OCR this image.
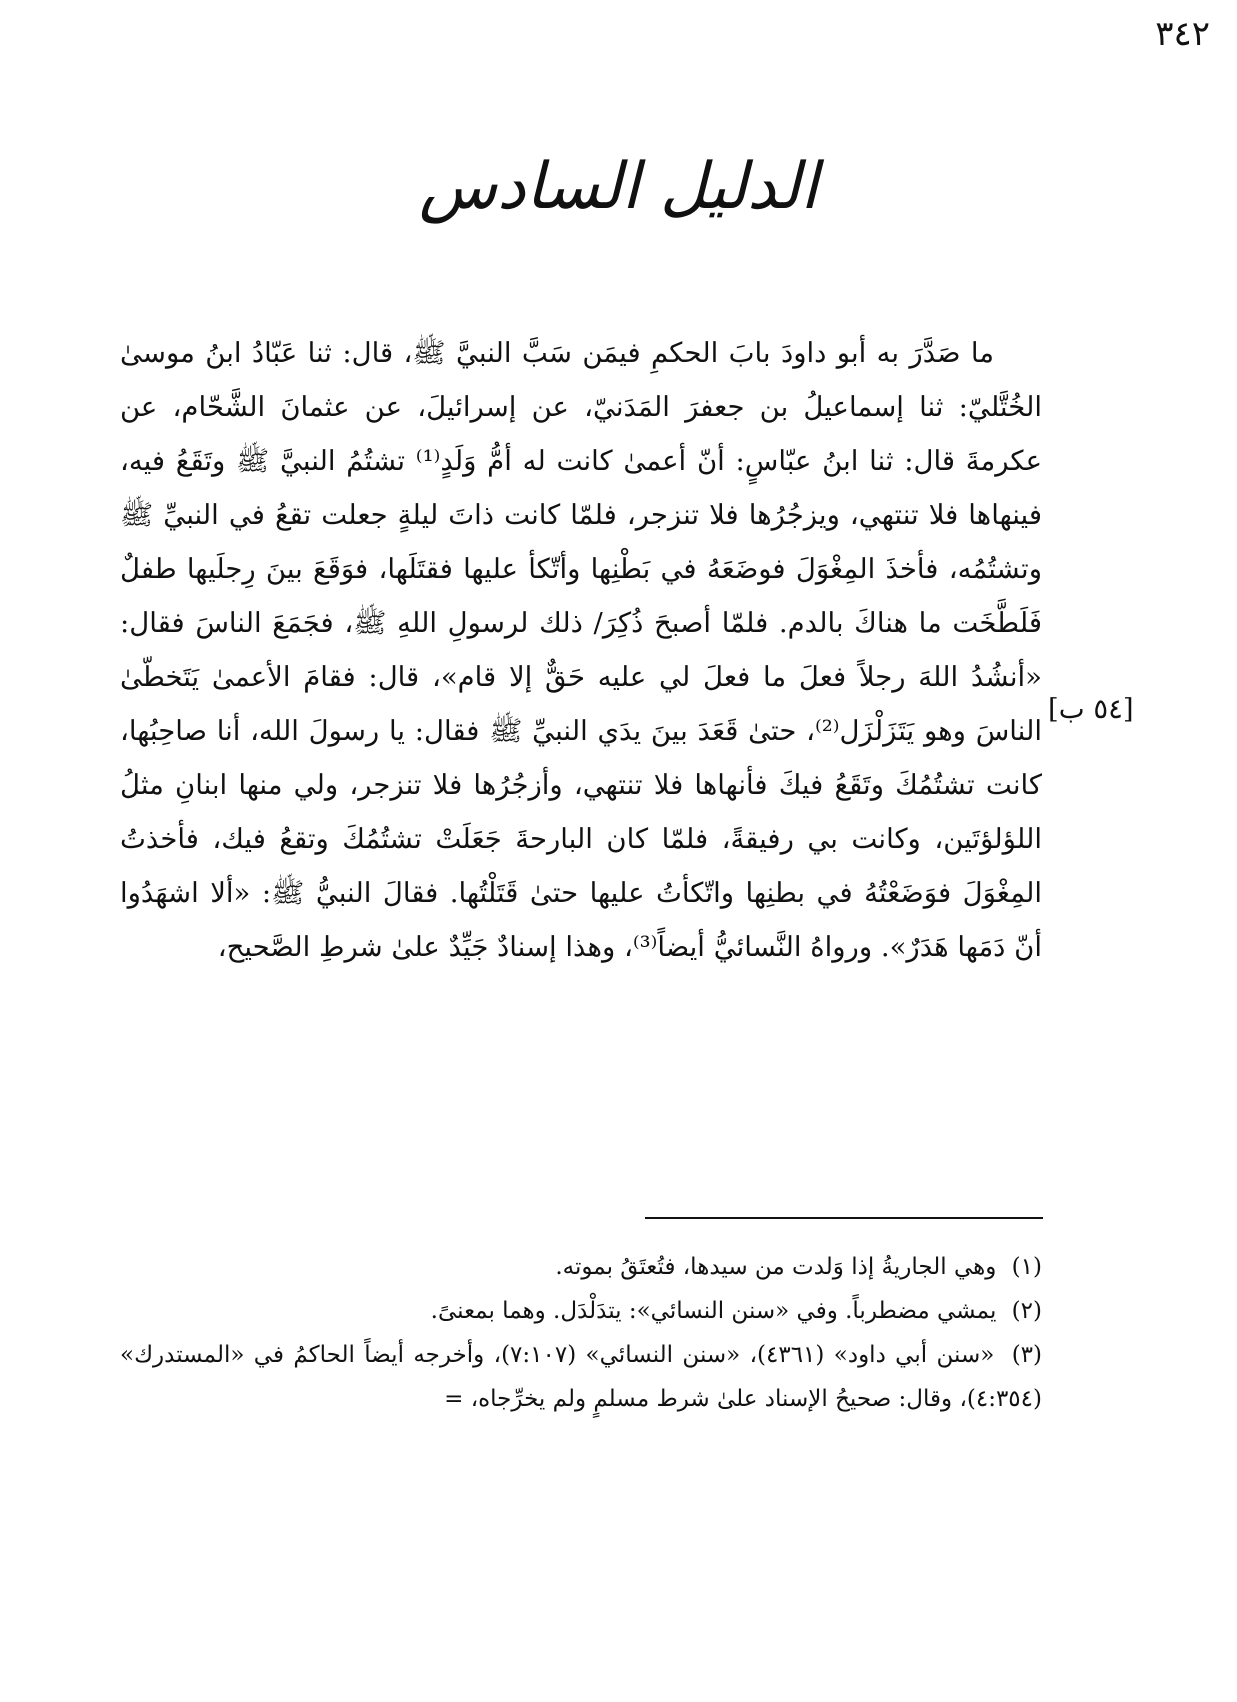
٣٤٢
الدليل السادس

ما صَدَّرَ به أبو داودَ بابَ الحكمِ فيمَن سَبَّ النبيَّ ﷺ، قال: ثنا عَبّادُ ابنُ موسىٰ الخُتَّليّ: ثنا إسماعيلُ بن جعفرَ المَدَنيّ، عن إسرائيلَ، عن عثمانَ الشَّحّام، عن عكرمةَ قال: ثنا ابنُ عبّاسٍ: أنّ أعمىٰ كانت له أمُّ وَلَدٍ⁽¹⁾ تشتُمُ النبيَّ ﷺ وتَقَعُ فيه، فينهاها فلا تنتهي، ويزجُرُها فلا تنزجر، فلمّا كانت ذاتَ ليلةٍ جعلت تقعُ في النبيِّ ﷺ وتشتُمُه، فأخذَ المِغْوَلَ فوضَعَهُ في بَطْنِها وأتّكأ عليها فقتَلَها، فوَقَعَ بينَ رِجلَيها طفلٌ فَلَطَّخَت ما هناكَ بالدم. فلمّا أصبحَ ذُكِرَ/ ذلك لرسولِ اللهِ ﷺ، فجَمَعَ الناسَ فقال: «أنشُدُ اللهَ رجلاً فعلَ ما فعلَ لي عليه حَقٌّ إلا قام»، قال: فقامَ الأعمىٰ يَتَخطّىٰ الناسَ وهو يَتَزَلْزَل⁽²⁾، حتىٰ قَعَدَ بينَ يدَي النبيِّ ﷺ فقال: يا رسولَ الله، أنا صاحِبُها، كانت تشتُمُكَ وتَقَعُ فيكَ فأنهاها فلا تنتهي، وأزجُرُها فلا تنزجر، ولي منها ابنانِ مثلُ اللؤلؤتَين، وكانت بي رفيقةً، فلمّا كان البارحةَ جَعَلَتْ تشتُمُكَ وتقعُ فيك، فأخذتُ المِغْوَلَ فوَضَعْتُهُ في بطنِها واتّكأتُ عليها حتىٰ قَتَلْتُها. فقالَ النبيُّ ﷺ: «ألا اشهَدُوا أنّ دَمَها هَدَرٌ». ورواهُ النَّسائيُّ أيضاً⁽³⁾، وهذا إسنادٌ جَيِّدٌ علىٰ شرطِ الصَّحيح،

[٥٤ ب]

(١) وهي الجاريةُ إذا وَلدت من سيدها، فتُعتَقُ بموته.

(٢) يمشي مضطرباً. وفي «سنن النسائي»: يتدَلْدَل. وهما بمعنىً.

(٣) «سنن أبي داود» (٤٣٦١)، «سنن النسائي» (٧:١٠٧)، وأخرجه أيضاً الحاكمُ في «المستدرك» (٤:٣٥٤)، وقال: صحيحُ الإسناد علىٰ شرط مسلمٍ ولم يخرِّجاه، =
